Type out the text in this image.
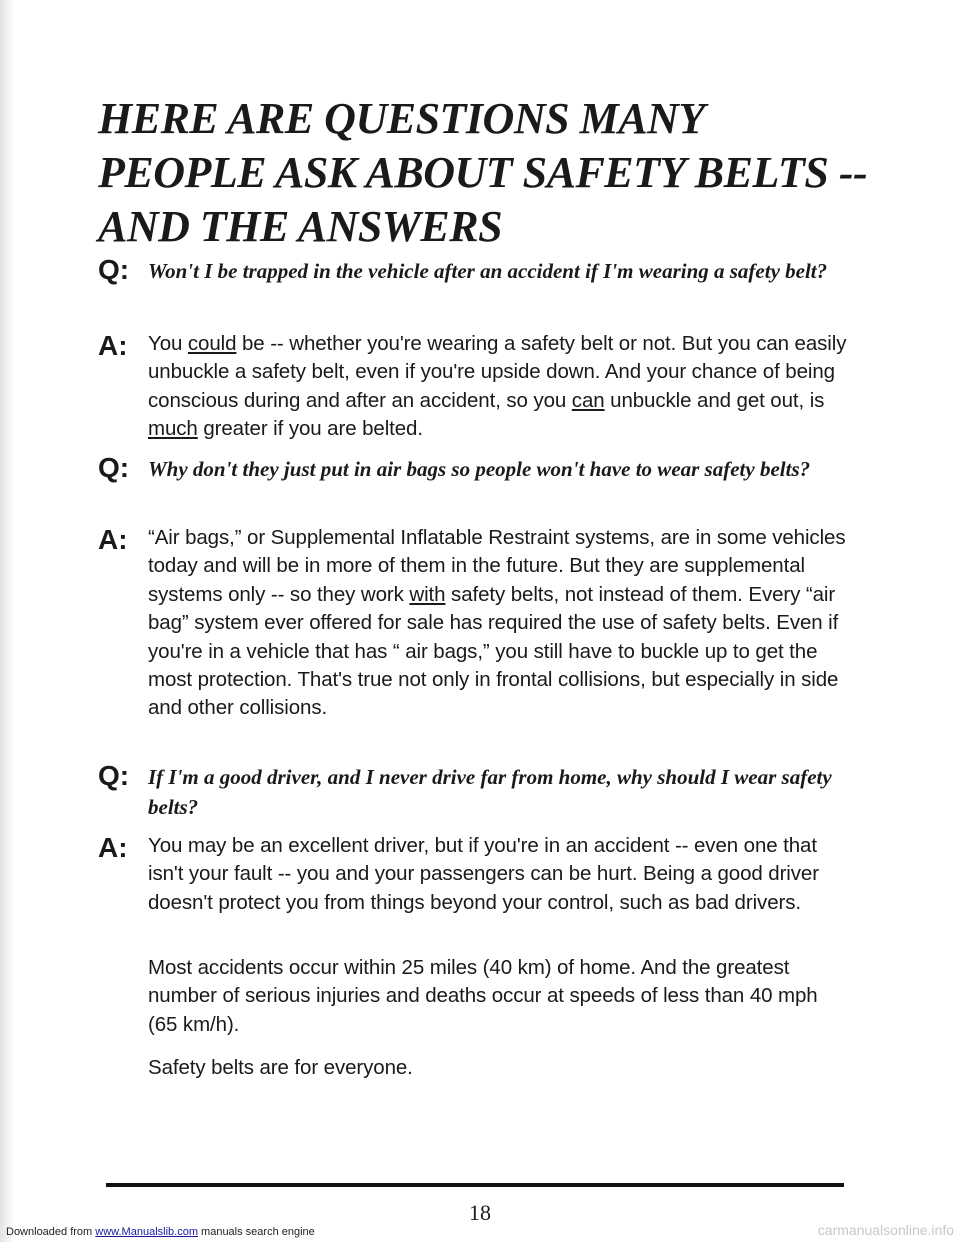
HERE ARE QUESTIONS MANY PEOPLE ASK ABOUT SAFETY BELTS -- AND THE ANSWERS
Q: Won't I be trapped in the vehicle after an accident if I'm wearing a safety belt?
A: You could be -- whether you're wearing a safety belt or not. But you can easily unbuckle a safety belt, even if you're upside down. And your chance of being conscious during and after an accident, so you can unbuckle and get out, is much greater if you are belted.
Q: Why don't they just put in air bags so people won't have to wear safety belts?
A: “Air bags,” or Supplemental Inflatable Restraint systems, are in some vehicles today and will be in more of them in the future. But they are supplemental systems only -- so they work with safety belts, not instead of them. Every “air bag” system ever offered for sale has required the use of safety belts. Even if you're in a vehicle that has “ air bags,” you still have to buckle up to get the most protection. That's true not only in frontal collisions, but especially in side and other collisions.
Q: If I'm a good driver, and I never drive far from home, why should I wear safety belts?
A: You may be an excellent driver, but if you're in an accident -- even one that isn't your fault -- you and your passengers can be hurt. Being a good driver doesn't protect you from things beyond your control, such as bad drivers.
Most accidents occur within 25 miles (40 km) of home. And the greatest number of serious injuries and deaths occur at speeds of less than 40 mph (65 km/h).
Safety belts are for everyone.
18
Downloaded from www.Manualslib.com manuals search engine	carmanualsonline.info
